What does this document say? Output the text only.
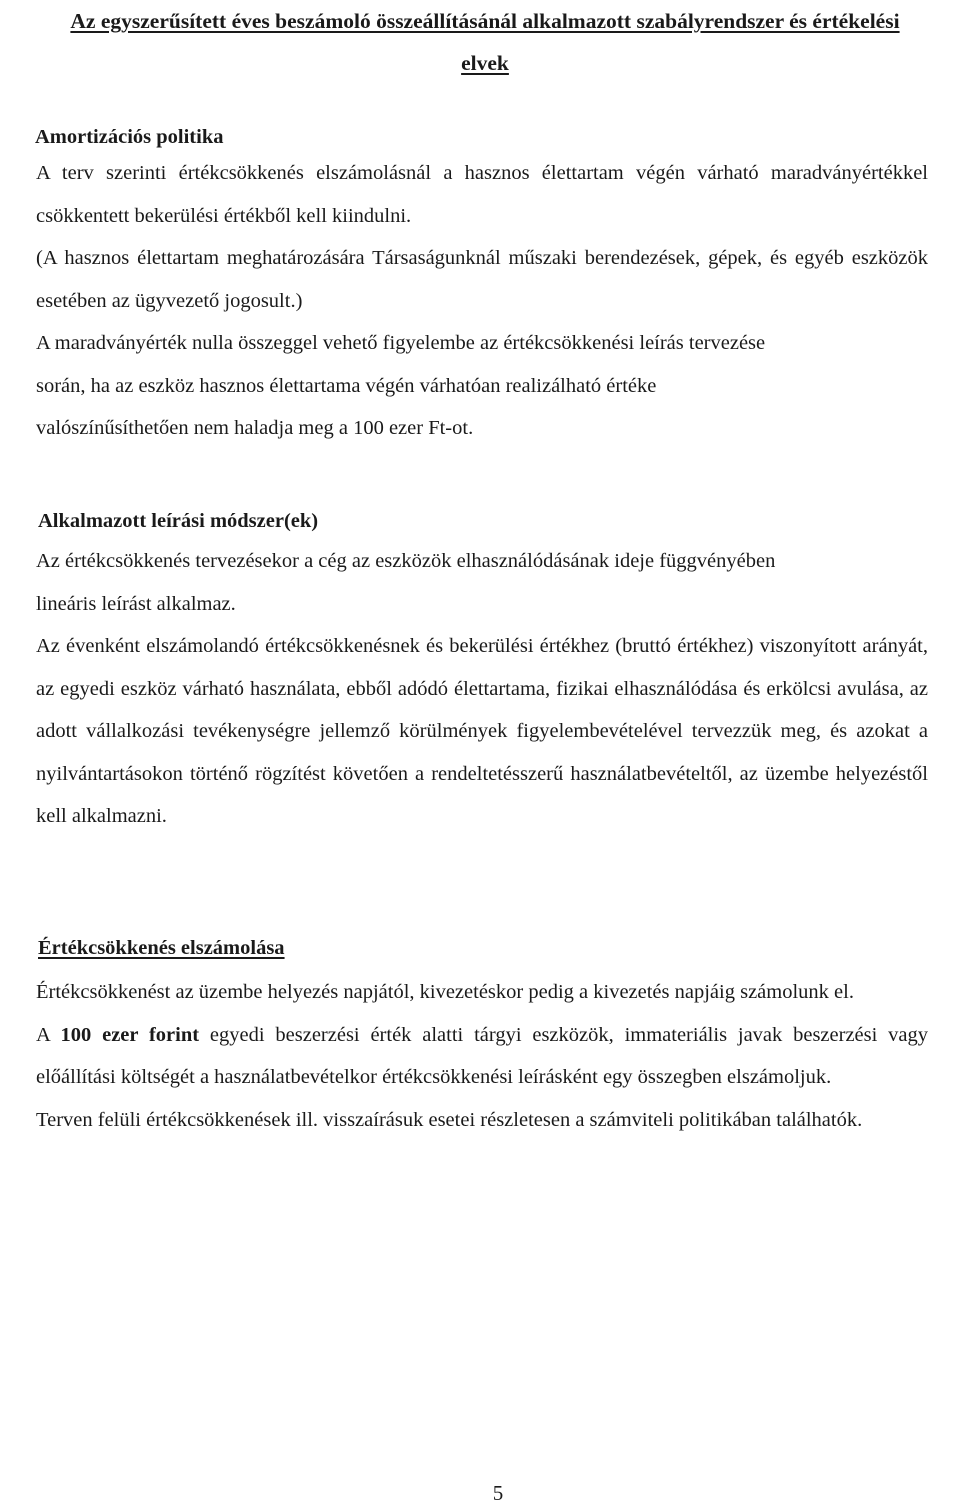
Az egyszerűsített éves beszámoló összeállításánál alkalmazott szabályrendszer és értékelési
elvek
Amortizációs politika

A terv szerinti értékcsökkenés elszámolásnál a hasznos élettartam végén várható maradványértékkel csökkentett bekerülési értékből kell kiindulni.

(A hasznos élettartam meghatározására Társaságunknál műszaki berendezések, gépek, és egyéb eszközök esetében az ügyvezető jogosult.)

A maradványérték nulla összeggel vehető figyelembe az értékcsökkenési leírás tervezése
során, ha az eszköz hasznos élettartama végén várhatóan realizálható értéke
valószínűsíthetően nem haladja meg a 100 ezer Ft-ot.

Alkalmazott leírási módszer(ek)

Az értékcsökkenés tervezésekor a cég az eszközök elhasználódásának ideje függvényében
lineáris leírást alkalmaz.

Az évenként elszámolandó értékcsökkenésnek és bekerülési értékhez (bruttó értékhez) viszonyított arányát, az egyedi eszköz várható használata, ebből adódó élettartama, fizikai elhasználódása és erkölcsi avulása, az adott vállalkozási tevékenységre jellemző körülmények figyelembevételével tervezzük meg, és azokat a nyilvántartásokon történő rögzítést követően a rendeltetésszerű használatbevételtől, az üzembe helyezéstől kell alkalmazni.

Értékcsökkenés elszámolása

Értékcsökkenést az üzembe helyezés napjától, kivezetéskor pedig a kivezetés napjáig számolunk el.

A 100 ezer forint egyedi beszerzési érték alatti tárgyi eszközök, immateriális javak beszerzési vagy előállítási költségét a használatbevételkor értékcsökkenési leírásként egy összegben elszámoljuk.

Terven felüli értékcsökkenések ill. visszaírásuk esetei részletesen a számviteli politikában találhatók.

5
